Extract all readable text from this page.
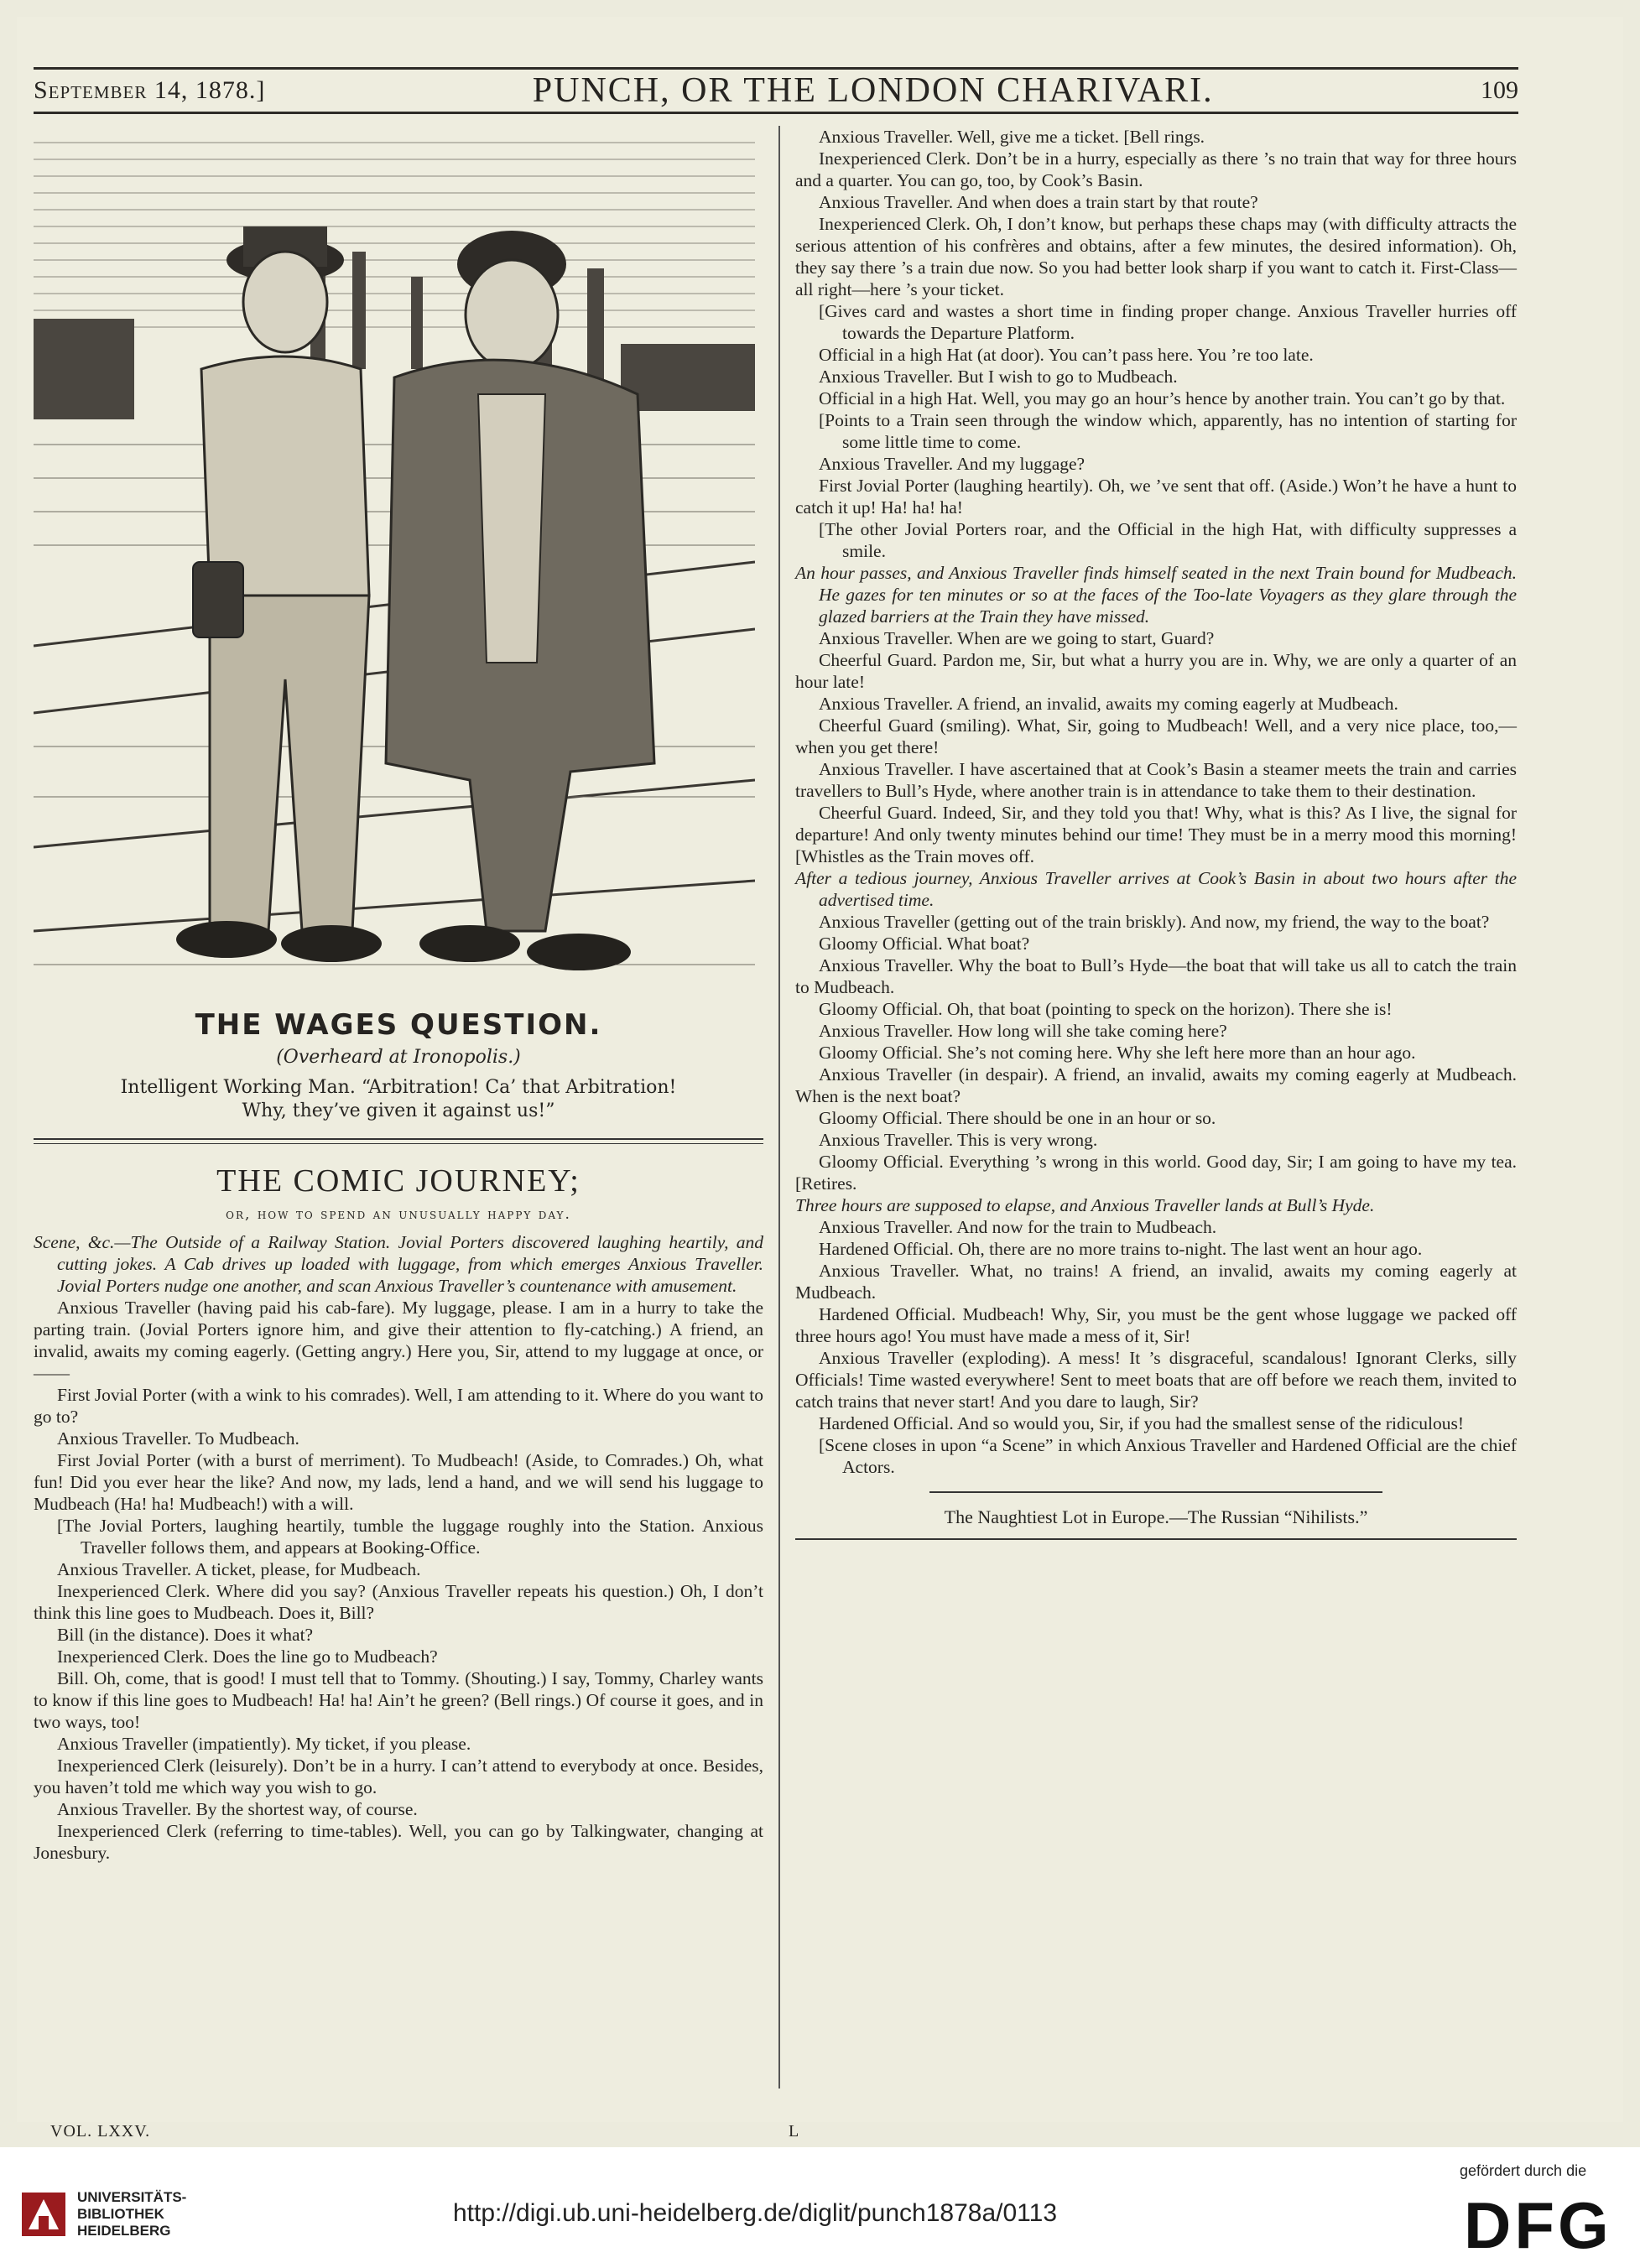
September 14, 1878.]	PUNCH, OR THE LONDON CHARIVARI.	109
THE WAGES QUESTION.
(Overheard at Ironopolis.)
Intelligent Working Man. “Arbitration! Ca’ that Arbitration!
Why, they’ve given it against us!”
THE COMIC JOURNEY;
or, how to spend an unusually happy day.

Scene, &c.—The Outside of a Railway Station. Jovial Porters discovered laughing heartily, and cutting jokes. A Cab drives up loaded with luggage, from which emerges Anxious Traveller. Jovial Porters nudge one another, and scan Anxious Traveller’s countenance with amusement.

Anxious Traveller (having paid his cab-fare). My luggage, please. I am in a hurry to take the parting train. (Jovial Porters ignore him, and give their attention to fly-catching.) A friend, an invalid, awaits my coming eagerly. (Getting angry.) Here you, Sir, attend to my luggage at once, or——

First Jovial Porter (with a wink to his comrades). Well, I am attending to it. Where do you want to go to?

Anxious Traveller. To Mudbeach.

First Jovial Porter (with a burst of merriment). To Mudbeach! (Aside, to Comrades.) Oh, what fun! Did you ever hear the like? And now, my lads, lend a hand, and we will send his luggage to Mudbeach (Ha! ha! Mudbeach!) with a will.

[The Jovial Porters, laughing heartily, tumble the luggage roughly into the Station. Anxious Traveller follows them, and appears at Booking-Office.

Anxious Traveller. A ticket, please, for Mudbeach.

Inexperienced Clerk. Where did you say? (Anxious Traveller repeats his question.) Oh, I don’t think this line goes to Mudbeach. Does it, Bill?

Bill (in the distance). Does it what?

Inexperienced Clerk. Does the line go to Mudbeach?

Bill. Oh, come, that is good! I must tell that to Tommy. (Shouting.) I say, Tommy, Charley wants to know if this line goes to Mudbeach! Ha! ha! Ain’t he green? (Bell rings.) Of course it goes, and in two ways, too!

Anxious Traveller (impatiently). My ticket, if you please.

Inexperienced Clerk (leisurely). Don’t be in a hurry. I can’t attend to everybody at once. Besides, you haven’t told me which way you wish to go.

Anxious Traveller. By the shortest way, of course.

Inexperienced Clerk (referring to time-tables). Well, you can go by Talkingwater, changing at Jonesbury.

Anxious Traveller. Well, give me a ticket. [Bell rings.

Inexperienced Clerk. Don’t be in a hurry, especially as there ’s no train that way for three hours and a quarter. You can go, too, by Cook’s Basin.

Anxious Traveller. And when does a train start by that route?

Inexperienced Clerk. Oh, I don’t know, but perhaps these chaps may (with difficulty attracts the serious attention of his confrères and obtains, after a few minutes, the desired information). Oh, they say there ’s a train due now. So you had better look sharp if you want to catch it. First-Class—all right—here ’s your ticket.

[Gives card and wastes a short time in finding proper change. Anxious Traveller hurries off towards the Departure Platform.

Official in a high Hat (at door). You can’t pass here. You ’re too late.

Anxious Traveller. But I wish to go to Mudbeach.

Official in a high Hat. Well, you may go an hour’s hence by another train. You can’t go by that.

[Points to a Train seen through the window which, apparently, has no intention of starting for some little time to come.

Anxious Traveller. And my luggage?

First Jovial Porter (laughing heartily). Oh, we ’ve sent that off. (Aside.) Won’t he have a hunt to catch it up! Ha! ha! ha!

[The other Jovial Porters roar, and the Official in the high Hat, with difficulty suppresses a smile.

An hour passes, and Anxious Traveller finds himself seated in the next Train bound for Mudbeach. He gazes for ten minutes or so at the faces of the Too-late Voyagers as they glare through the glazed barriers at the Train they have missed.

Anxious Traveller. When are we going to start, Guard?

Cheerful Guard. Pardon me, Sir, but what a hurry you are in. Why, we are only a quarter of an hour late!

Anxious Traveller. A friend, an invalid, awaits my coming eagerly at Mudbeach.

Cheerful Guard (smiling). What, Sir, going to Mudbeach! Well, and a very nice place, too,—when you get there!

Anxious Traveller. I have ascertained that at Cook’s Basin a steamer meets the train and carries travellers to Bull’s Hyde, where another train is in attendance to take them to their destination.

Cheerful Guard. Indeed, Sir, and they told you that! Why, what is this? As I live, the signal for departure! And only twenty minutes behind our time! They must be in a merry mood this morning! [Whistles as the Train moves off.

After a tedious journey, Anxious Traveller arrives at Cook’s Basin in about two hours after the advertised time.

Anxious Traveller (getting out of the train briskly). And now, my friend, the way to the boat?

Gloomy Official. What boat?

Anxious Traveller. Why the boat to Bull’s Hyde—the boat that will take us all to catch the train to Mudbeach.

Gloomy Official. Oh, that boat (pointing to speck on the horizon). There she is!

Anxious Traveller. How long will she take coming here?

Gloomy Official. She’s not coming here. Why she left here more than an hour ago.

Anxious Traveller (in despair). A friend, an invalid, awaits my coming eagerly at Mudbeach. When is the next boat?

Gloomy Official. There should be one in an hour or so.

Anxious Traveller. This is very wrong.

Gloomy Official. Everything ’s wrong in this world. Good day, Sir; I am going to have my tea. [Retires.

Three hours are supposed to elapse, and Anxious Traveller lands at Bull’s Hyde.

Anxious Traveller. And now for the train to Mudbeach.

Hardened Official. Oh, there are no more trains to-night. The last went an hour ago.

Anxious Traveller. What, no trains! A friend, an invalid, awaits my coming eagerly at Mudbeach.

Hardened Official. Mudbeach! Why, Sir, you must be the gent whose luggage we packed off three hours ago! You must have made a mess of it, Sir!

Anxious Traveller (exploding). A mess! It ’s disgraceful, scandalous! Ignorant Clerks, silly Officials! Time wasted everywhere! Sent to meet boats that are off before we reach them, invited to catch trains that never start! And you dare to laugh, Sir?

Hardened Official. And so would you, Sir, if you had the smallest sense of the ridiculous!

[Scene closes in upon “a Scene” in which Anxious Traveller and Hardened Official are the chief Actors.

The Naughtiest Lot in Europe.—The Russian “Nihilists.”
VOL. LXXV.	L
UNIVERSITÄTS-
BIBLIOTHEK
HEIDELBERG
http://digi.ub.uni-heidelberg.de/diglit/punch1878a/0113
gefördert durch die
DFG
